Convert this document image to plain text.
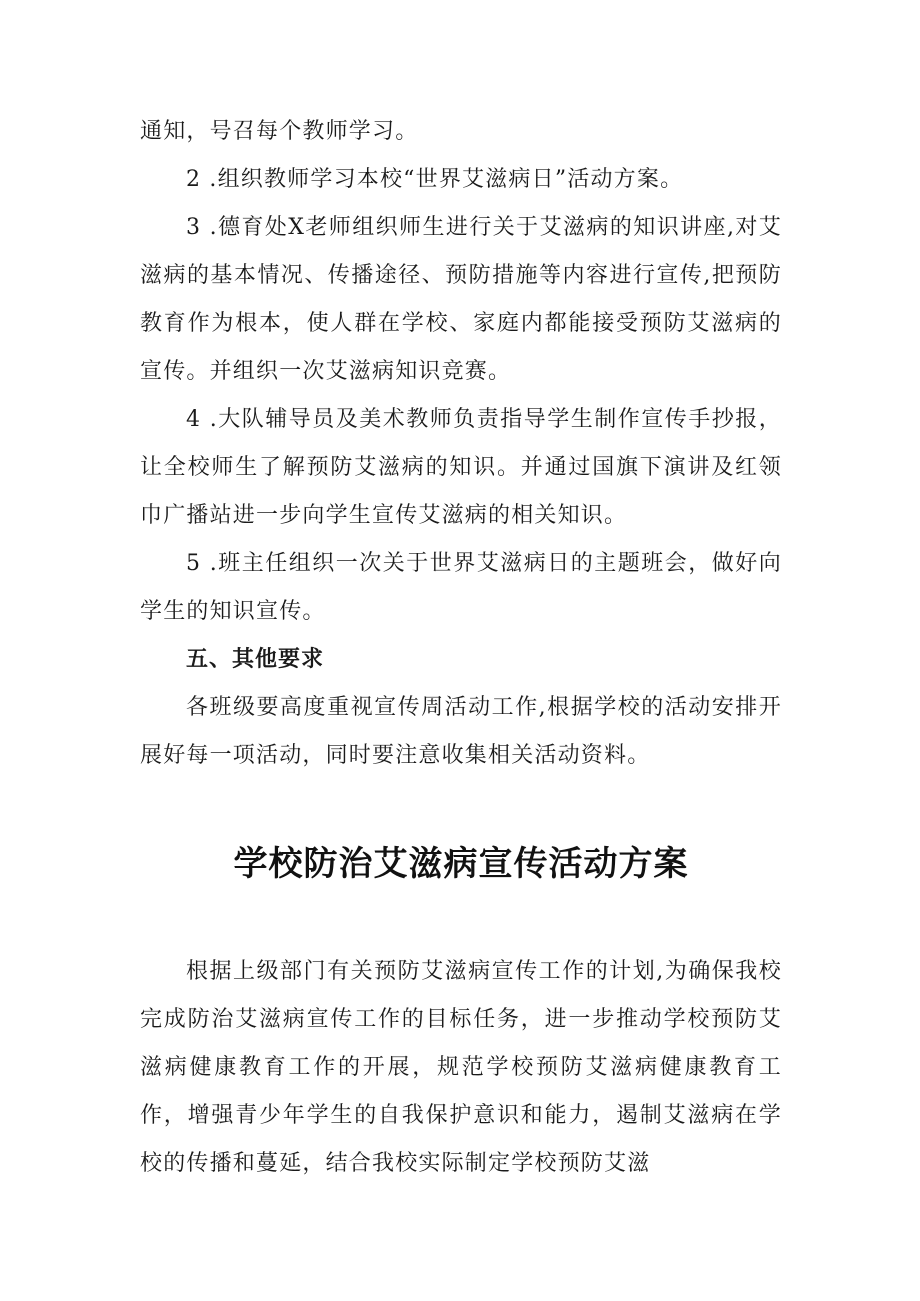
通知，号召每个教师学习。

2 .组织教师学习本校“世界艾滋病日”活动方案。

3 .德育处X老师组织师生进行关于艾滋病的知识讲座,对艾滋病的基本情况、传播途径、预防措施等内容进行宣传,把预防教育作为根本，使人群在学校、家庭内都能接受预防艾滋病的宣传。并组织一次艾滋病知识竞赛。

4 .大队辅导员及美术教师负责指导学生制作宣传手抄报，让全校师生了解预防艾滋病的知识。并通过国旗下演讲及红领巾广播站进一步向学生宣传艾滋病的相关知识。

5 .班主任组织一次关于世界艾滋病日的主题班会，做好向学生的知识宣传。

五、其他要求

各班级要高度重视宣传周活动工作,根据学校的活动安排开展好每一项活动，同时要注意收集相关活动资料。

学校防治艾滋病宣传活动方案

根据上级部门有关预防艾滋病宣传工作的计划,为确保我校完成防治艾滋病宣传工作的目标任务，进一步推动学校预防艾滋病健康教育工作的开展，规范学校预防艾滋病健康教育工作，增强青少年学生的自我保护意识和能力，遏制艾滋病在学校的传播和蔓延，结合我校实际制定学校预防艾滋
